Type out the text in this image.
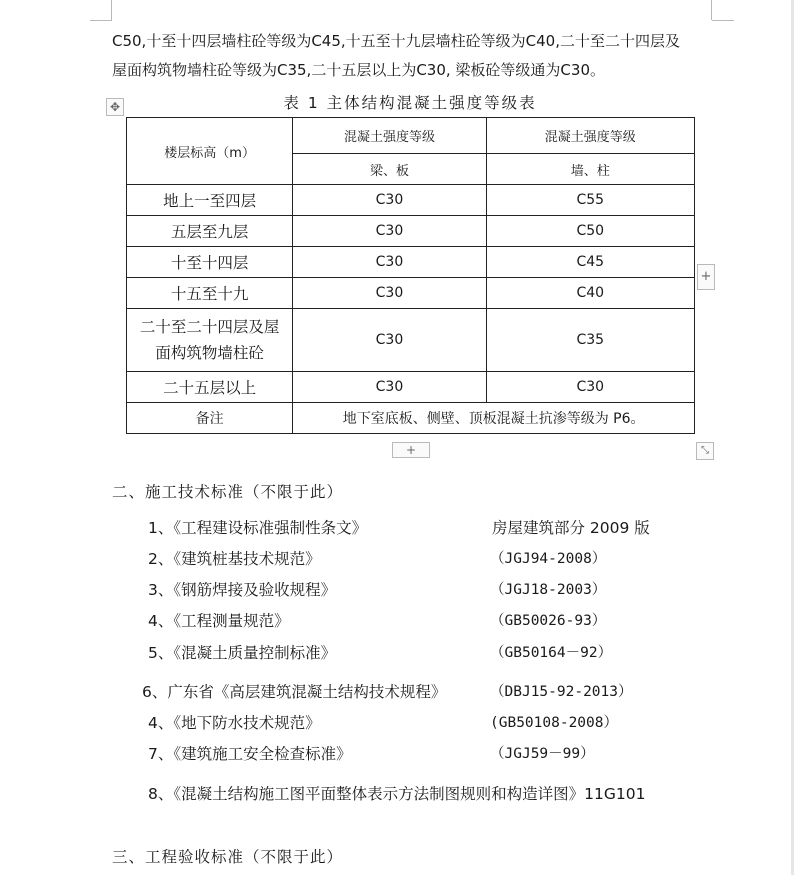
C50,十至十四层墙柱砼等级为C45,十五至十九层墙柱砼等级为C40,二十至二十四层及
屋面构筑物墙柱砼等级为C35,二十五层以上为C30, 梁板砼等级通为C30。
表 1 主体结构混凝土强度等级表
✥
楼层标高（m）	混凝土强度等级	混凝土强度等级
	梁、板	墙、柱
地上一至四层	C30	C55
五层至九层	C30	C50
十至十四层	C30	C45
十五至十九	C30	C40

二十至二十四层及屋
面构筑物墙柱砼	C30	C35
二十五层以上	C30	C30
备注	地下室底板、侧壁、顶板混凝土抗渗等级为 P6。	
+
+	⤡
二、施工技术标准（不限于此）
1、《工程建设标准强制性条文》	房屋建筑部分 2009 版
2、《建筑桩基技术规范》	（JGJ94-2008）
3、《钢筋焊接及验收规程》	（JGJ18-2003）
4、《工程测量规范》	（GB50026-93）
5、《混凝土质量控制标准》	（GB50164－92）
6、广东省《高层建筑混凝土结构技术规程》	（DBJ15-92-2013）
4、《地下防水技术规范》	(GB50108-2008）
7、《建筑施工安全检查标准》	（JGJ59－99）
8、《混凝土结构施工图平面整体表示方法制图规则和构造详图》11G101
三、工程验收标准（不限于此）
